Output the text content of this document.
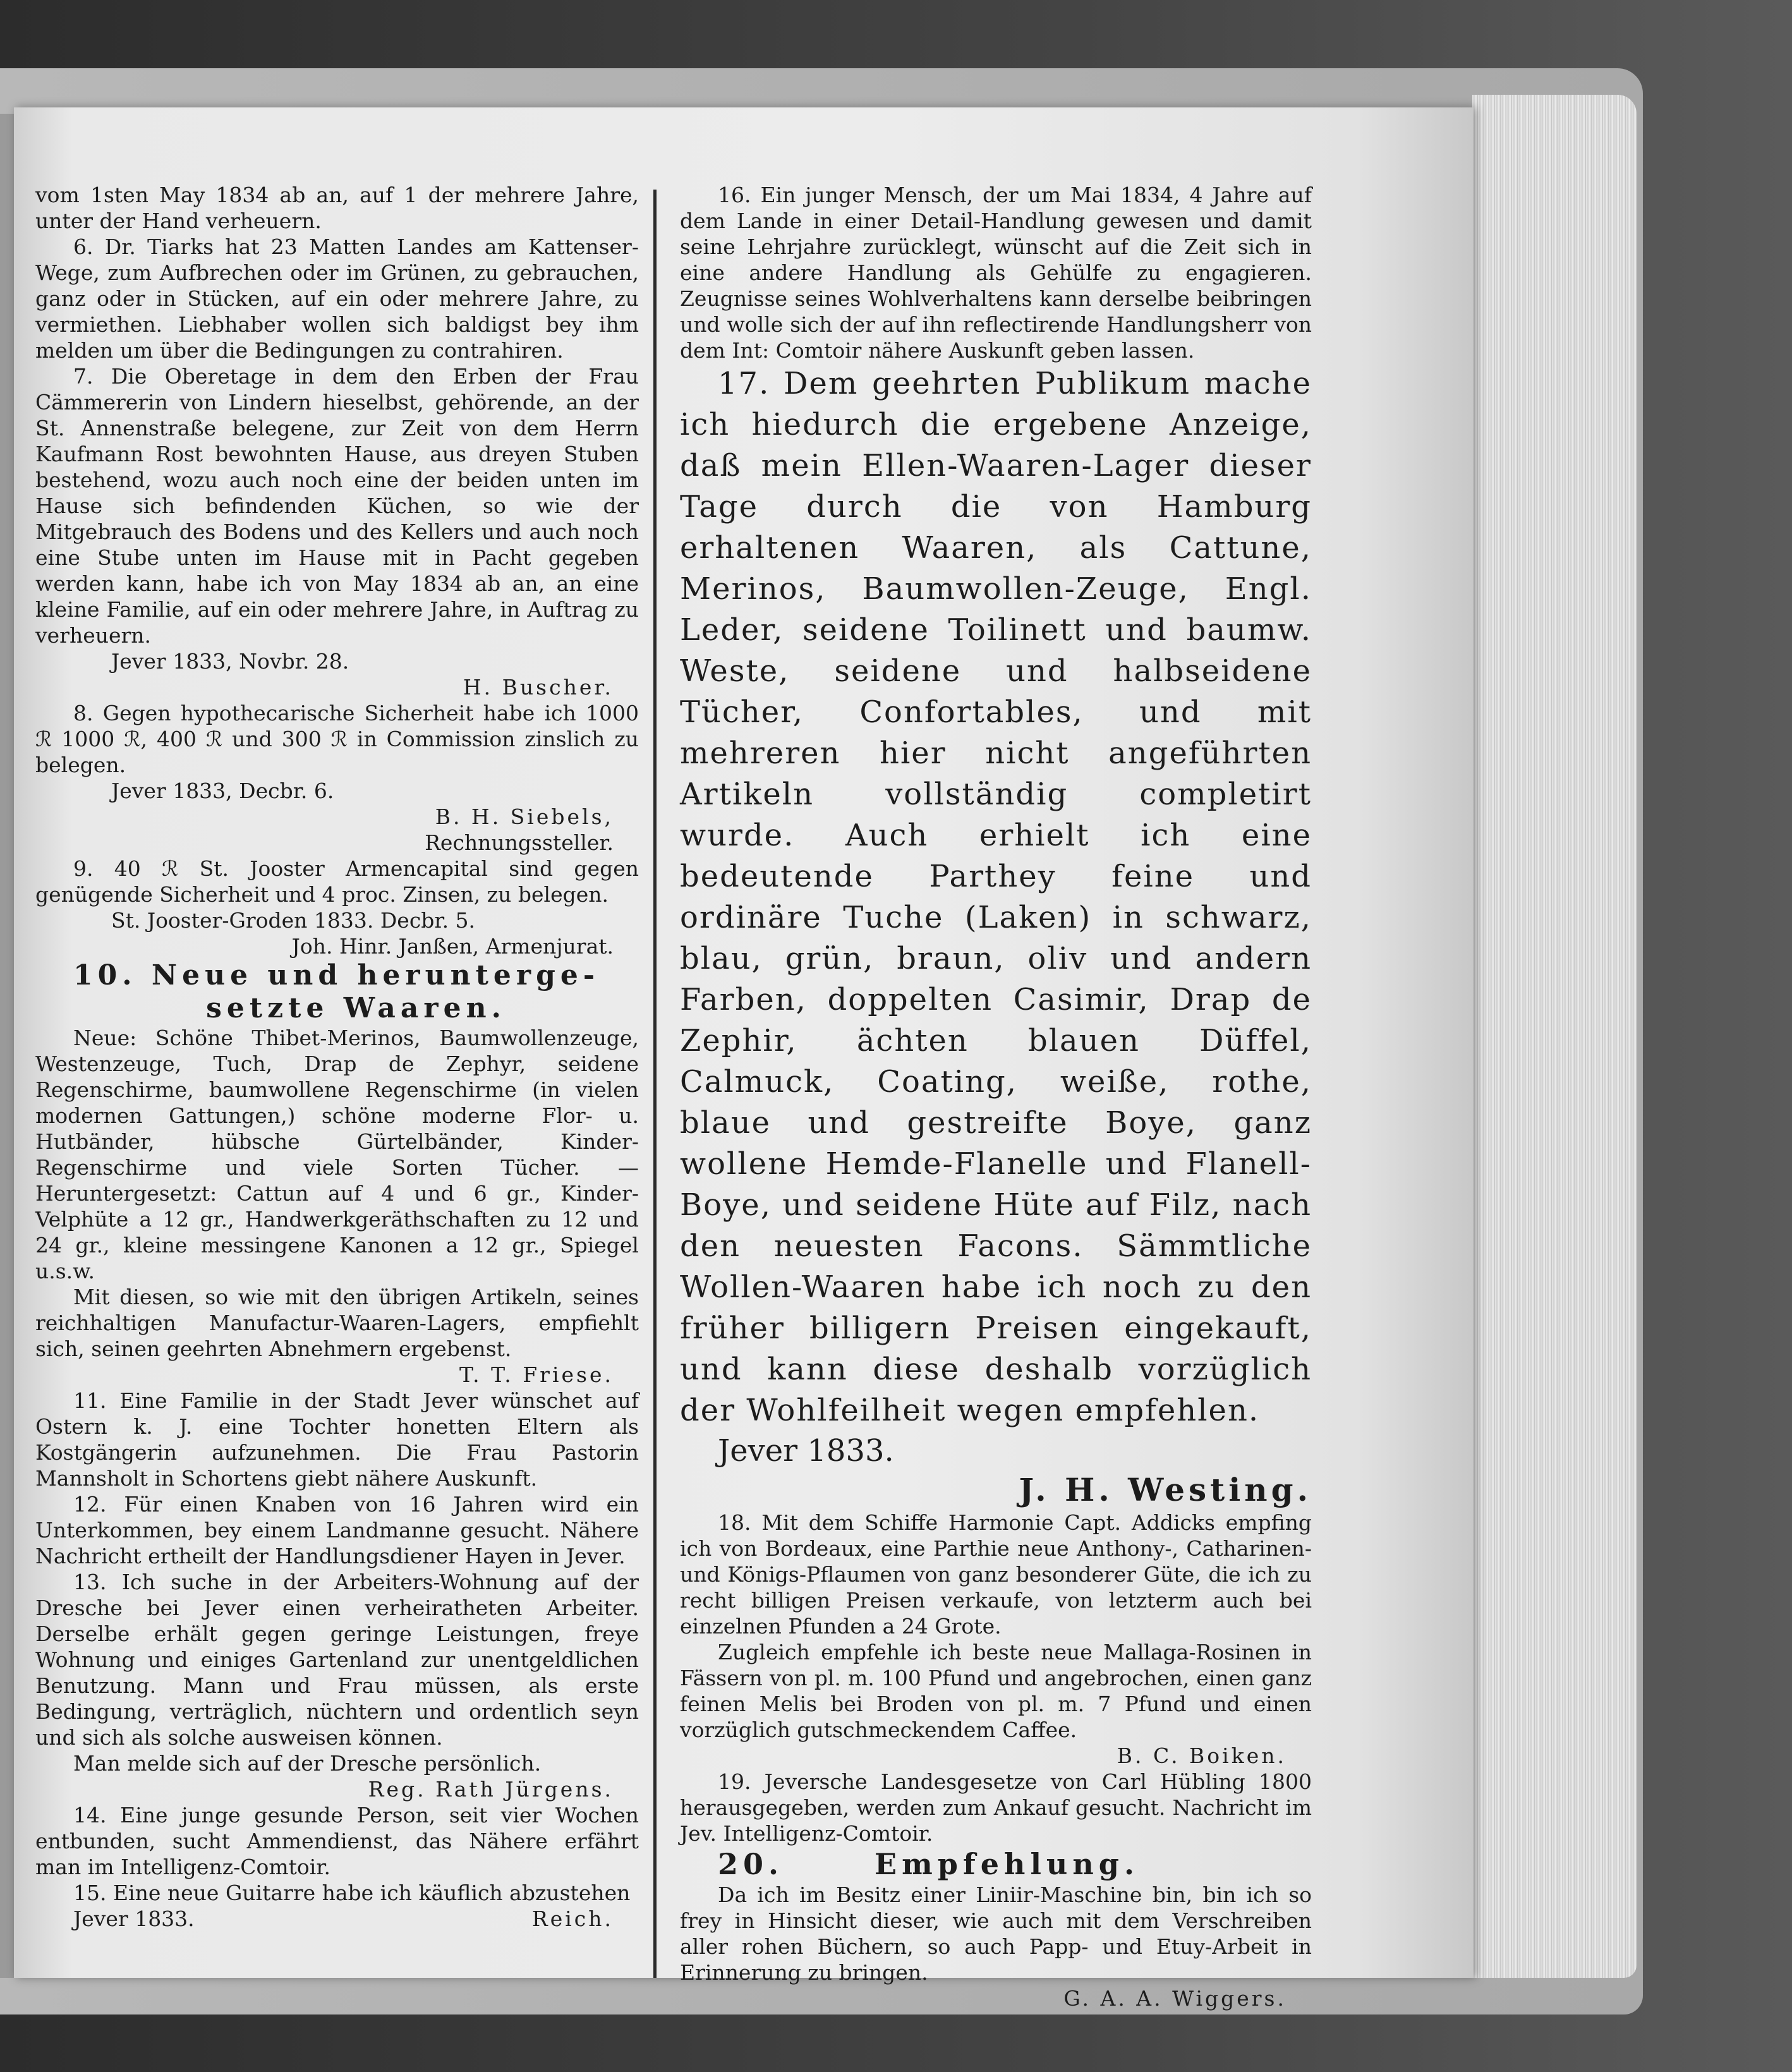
vom 1sten May 1834 ab an, auf 1 der mehrere Jahre, unter der Hand verheuern.

6. Dr. Tiarks hat 23 Matten Landes am Kattenser-Wege, zum Aufbrechen oder im Grünen, zu gebrauchen, ganz oder in Stücken, auf ein oder mehrere Jahre, zu vermiethen. Liebhaber wollen sich baldigst bey ihm melden um über die Bedingungen zu contrahiren.

7. Die Oberetage in dem den Erben der Frau Cämmererin von Lindern hieselbst, gehörende, an der St. Annenstraße belegene, zur Zeit von dem Herrn Kaufmann Rost bewohnten Hause, aus dreyen Stuben bestehend, wozu auch noch eine der beiden unten im Hause sich befindenden Küchen, so wie der Mitgebrauch des Bodens und des Kellers und auch noch eine Stube unten im Hause mit in Pacht gegeben werden kann, habe ich von May 1834 ab an, an eine kleine Familie, auf ein oder mehrere Jahre, in Auftrag zu verheuern.

Jever 1833, Novbr. 28.

H. Buscher.

8. Gegen hypothecarische Sicherheit habe ich 1000 ℛ 1000 ℛ, 400 ℛ und 300 ℛ in Commission zinslich zu belegen.

Jever 1833, Decbr. 6.

B. H. Siebels,

Rechnungssteller.

9. 40 ℛ St. Jooster Armencapital sind gegen genügende Sicherheit und 4 proc. Zinsen, zu belegen.

St. Jooster-Groden 1833. Decbr. 5.

Joh. Hinr. Janßen, Armenjurat.

10. Neue und herunterge-

setzte Waaren.

Neue: Schöne Thibet-Merinos, Baumwollenzeuge, Westenzeuge, Tuch, Drap de Zephyr, seidene Regenschirme, baumwollene Regenschirme (in vielen modernen Gattungen,) schöne moderne Flor- u. Hutbänder, hübsche Gürtelbänder, Kinder-Regenschirme und viele Sorten Tücher. — Heruntergesetzt: Cattun auf 4 und 6 gr., Kinder-Velphüte a 12 gr., Handwerkgeräthschaften zu 12 und 24 gr., kleine messingene Kanonen a 12 gr., Spiegel u.s.w.

Mit diesen, so wie mit den übrigen Artikeln, seines reichhaltigen Manufactur-Waaren-Lagers, empfiehlt sich, seinen geehrten Abnehmern ergebenst.

T. T. Friese.

11. Eine Familie in der Stadt Jever wünschet auf Ostern k. J. eine Tochter honetten Eltern als Kostgängerin aufzunehmen. Die Frau Pastorin Mannsholt in Schortens giebt nähere Auskunft.

12. Für einen Knaben von 16 Jahren wird ein Unterkommen, bey einem Landmanne gesucht. Nähere Nachricht ertheilt der Handlungsdiener Hayen in Jever.

13. Ich suche in der Arbeiters-Wohnung auf der Dresche bei Jever einen verheiratheten Arbeiter. Derselbe erhält gegen geringe Leistungen, freye Wohnung und einiges Gartenland zur unentgeldlichen Benutzung. Mann und Frau müssen, als erste Bedingung, verträglich, nüchtern und ordentlich seyn und sich als solche ausweisen können.

Man melde sich auf der Dresche persönlich.

Reg. Rath Jürgens.

14. Eine junge gesunde Person, seit vier Wochen entbunden, sucht Ammendienst, das Nähere erfährt man im Intelligenz-Comtoir.

15. Eine neue Guitarre habe ich käuflich abzustehen

Jever 1833.	Reich.

16. Ein junger Mensch, der um Mai 1834, 4 Jahre auf dem Lande in einer Detail-Handlung gewesen und damit seine Lehrjahre zurücklegt, wünscht auf die Zeit sich in eine andere Handlung als Gehülfe zu engagieren. Zeugnisse seines Wohlverhaltens kann derselbe beibringen und wolle sich der auf ihn reflectirende Handlungsherr von dem Int: Comtoir nähere Auskunft geben lassen.

17. Dem geehrten Publikum mache ich hiedurch die ergebene Anzeige, daß mein Ellen-Waaren-Lager dieser Tage durch die von Hamburg erhaltenen Waaren, als Cattune, Merinos, Baumwollen-Zeuge, Engl. Leder, seidene Toilinett und baumw. Weste, seidene und halbseidene Tücher, Confortables, und mit mehreren hier nicht angeführten Artikeln vollständig completirt wurde. Auch erhielt ich eine bedeutende Parthey feine und ordinäre Tuche (Laken) in schwarz, blau, grün, braun, oliv und andern Farben, doppelten Casimir, Drap de Zephir, ächten blauen Düffel, Calmuck, Coating, weiße, rothe, blaue und gestreifte Boye, ganz wollene Hemde-Flanelle und Flanell-Boye, und seidene Hüte auf Filz, nach den neuesten Facons. Sämmtliche Wollen-Waaren habe ich noch zu den früher billigern Preisen eingekauft, und kann diese deshalb vorzüglich der Wohlfeilheit wegen empfehlen.

Jever 1833.

J. H. Westing.

18. Mit dem Schiffe Harmonie Capt. Addicks empfing ich von Bordeaux, eine Parthie neue Anthony-, Catharinen- und Königs-Pflaumen von ganz besonderer Güte, die ich zu recht billigen Preisen verkaufe, von letzterm auch bei einzelnen Pfunden a 24 Grote.

Zugleich empfehle ich beste neue Mallaga-Rosinen in Fässern von pl. m. 100 Pfund und angebrochen, einen ganz feinen Melis bei Broden von pl. m. 7 Pfund und einen vorzüglich gutschmeckendem Caffee.

B. C. Boiken.

19. Jeversche Landesgesetze von Carl Hübling 1800 herausgegeben, werden zum Ankauf gesucht. Nachricht im Jev. Intelligenz-Comtoir.

20.	Empfehlung.

Da ich im Besitz einer Liniir-Maschine bin, bin ich so frey in Hinsicht dieser, wie auch mit dem Verschreiben aller rohen Büchern, so auch Papp- und Etuy-Arbeit in Erinnerung zu bringen.

G. A. A. Wiggers.
